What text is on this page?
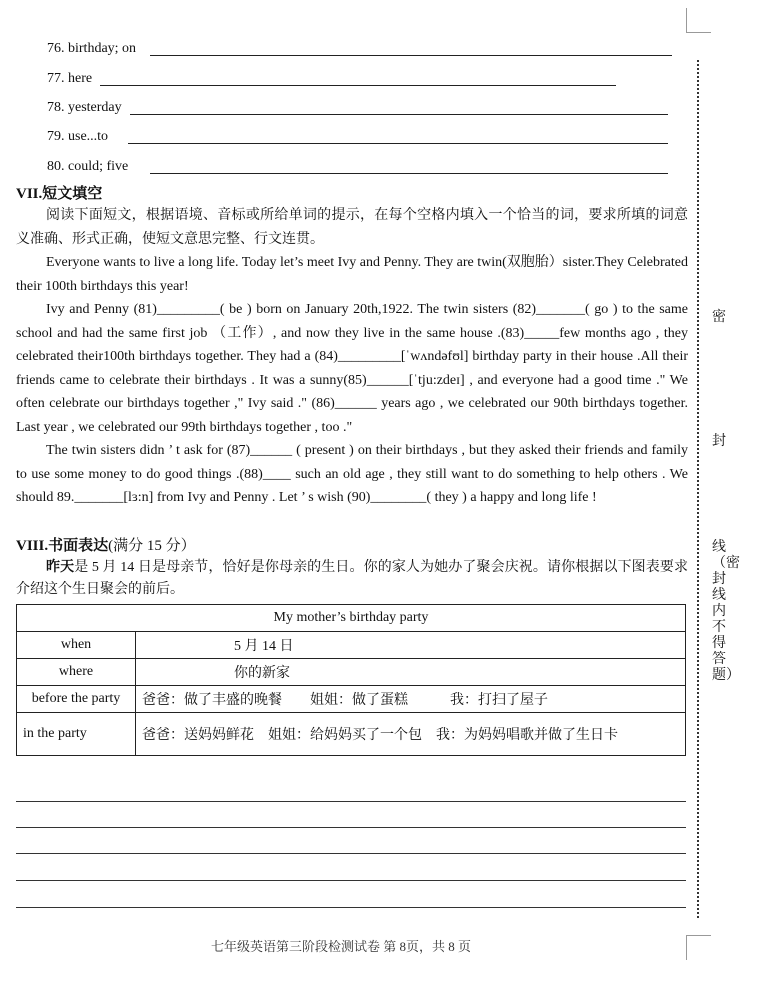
76. birthday; on
77. here
78. yesterday
79. use...to
80. could; five
VII.短文填空
阅读下面短文，根据语境、音标或所给单词的提示，在每个空格内填入一个恰当的词，要求所填的词意义准确、形式正确，使短文意思完整、行文连贯。
Everyone wants to live a long life. Today let’s meet Ivy and Penny. They are twin(双胞胎）sister.They Celebrated their 100th birthdays this year!
Ivy and Penny (81)_________( be ) born on January 20th,1922. The twin sisters (82)_______( go ) to the same school and had the same first job （工作）, and now they live in the same house .(83)_____few months ago , they celebrated their100th birthdays together. They had a (84)_________[ˈwʌndəfʊl] birthday party in their house .All their friends came to celebrate their birthdays . It was a sunny(85)______[ˈtju:zdeɪ] , and everyone had a good time ." We often celebrate our birthdays together ," Ivy said ." (86)______ years ago , we celebrated our 90th birthdays together. Last year , we celebrated our 99th birthdays together , too ."
The twin sisters didn ’ t ask for (87)______ ( present ) on their birthdays , but they asked their friends and family to use some money to do good things .(88)____ such an old age , they still want to do something to help others . We should 89._______[lɜ:n] from Ivy and Penny . Let ’ s wish (90)________( they ) a happy and long life !
VIII.书面表达(满分 15 分）
昨天是 5 月 14 日是母亲节，恰好是你母亲的生日。你的家人为她办了聚会庆祝。请你根据以下图表要求介绍这个生日聚会的前后。
My mother’s birthday party	
when	5 月 14 日
where	你的新家
before the party	爸爸：做了丰盛的晚餐　　姐姐：做了蛋糕　　　我：打扫了屋子
in the party	爸爸：送妈妈鲜花　姐姐：给妈妈买了一个包　我：为妈妈唱歌并做了生日卡
密
封
线（密封线内不得答题）
七年级英语第三阶段检测试卷 第 8页，共 8 页
